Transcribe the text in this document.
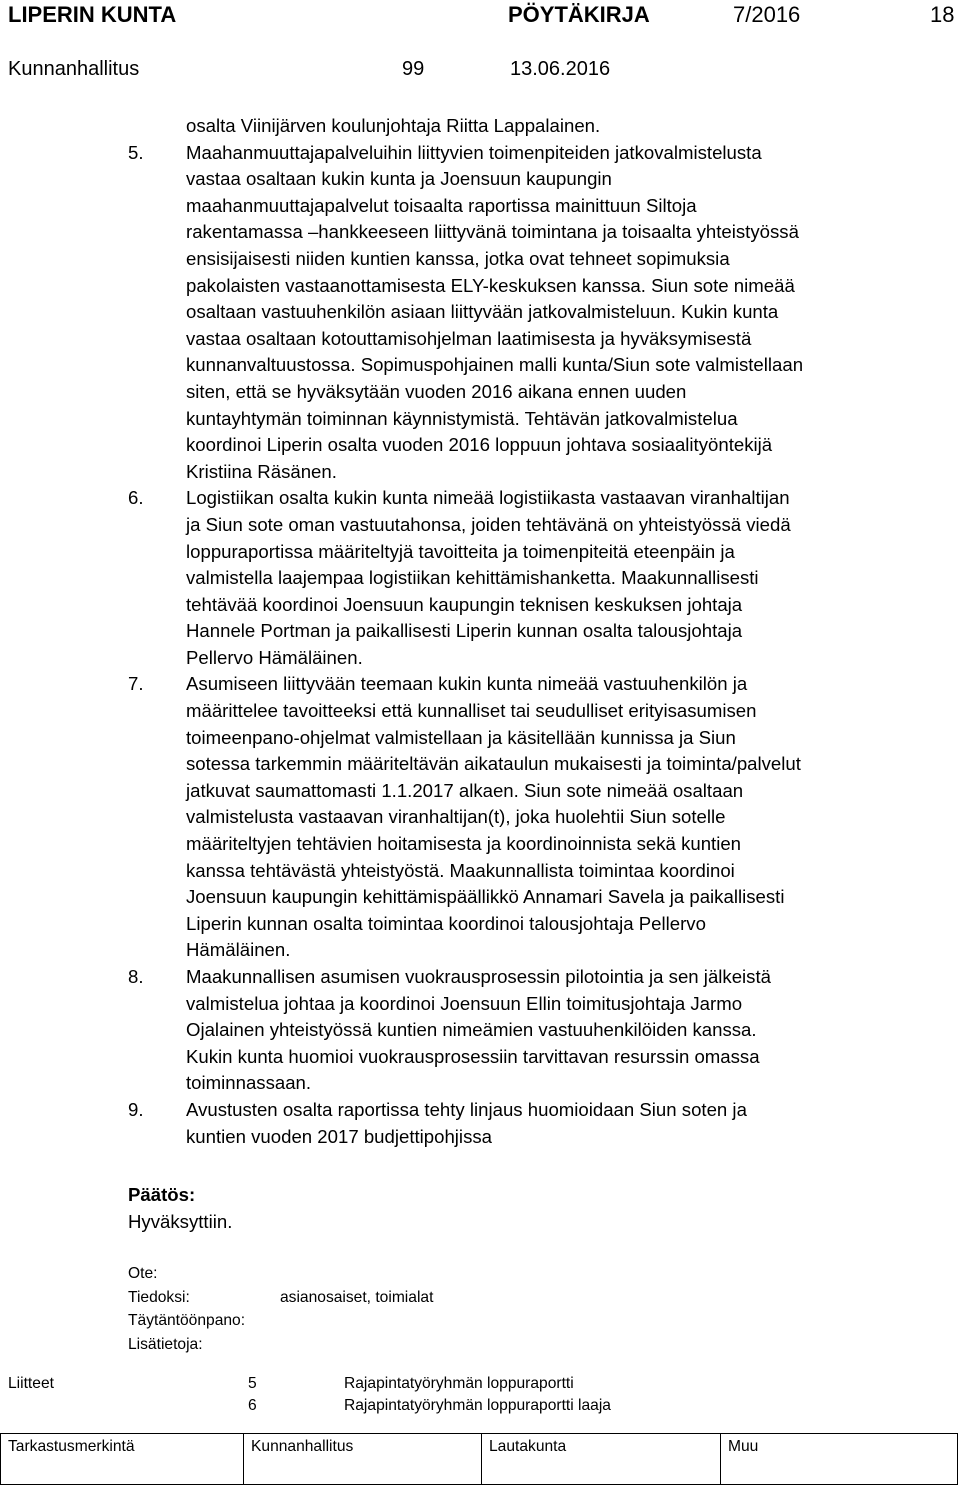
LIPERIN KUNTA	PÖYTÄKIRJA	7/2016	18
Kunnanhallitus	99	13.06.2016
osalta Viinijärven koulunjohtaja Riitta Lappalainen.
5. Maahanmuuttajapalveluihin liittyvien toimenpiteiden jatkovalmistelusta
vastaa osaltaan kukin kunta ja Joensuun kaupungin
maahanmuuttajapalvelut toisaalta raportissa mainittuun Siltoja
rakentamassa –hankkeeseen liittyvänä toimintana ja toisaalta yhteistyössä
ensisijaisesti niiden kuntien kanssa, jotka ovat tehneet sopimuksia
pakolaisten vastaanottamisesta ELY-keskuksen kanssa. Siun sote nimeää
osaltaan vastuuhenkilön asiaan liittyvään jatkovalmisteluun. Kukin kunta
vastaa osaltaan kotouttamisohjelman laatimisesta ja hyväksymisestä
kunnanvaltuustossa. Sopimuspohjainen malli kunta/Siun sote valmistellaan
siten, että se hyväksytään vuoden 2016 aikana ennen uuden
kuntayhtymän toiminnan käynnistymistä. Tehtävän jatkovalmistelua
koordinoi Liperin osalta vuoden 2016 loppuun johtava sosiaalityöntekijä
Kristiina Räsänen.
6. Logistiikan osalta kukin kunta nimeää logistiikasta vastaavan viranhaltijan
ja Siun sote oman vastuutahonsa, joiden tehtävänä on yhteistyössä viedä
loppuraportissa määriteltyjä tavoitteita ja toimenpiteitä eteenpäin ja
valmistella laajempaa logistiikan kehittämishanketta. Maakunnallisesti
tehtävää koordinoi Joensuun kaupungin teknisen keskuksen johtaja
Hannele Portman ja paikallisesti Liperin kunnan osalta talousjohtaja
Pellervo Hämäläinen.
7. Asumiseen liittyvään teemaan kukin kunta nimeää vastuuhenkilön ja
määrittelee tavoitteeksi että kunnalliset tai seudulliset erityisasumisen
toimeenpano-ohjelmat valmistellaan ja käsitellään kunnissa ja Siun
sotessa tarkemmin määriteltävän aikataulun mukaisesti ja toiminta/palvelut
jatkuvat saumattomasti 1.1.2017 alkaen. Siun sote nimeää osaltaan
valmistelusta vastaavan viranhaltijan(t), joka huolehtii Siun sotelle
määriteltyjen tehtävien hoitamisesta ja koordinoinnista sekä kuntien
kanssa tehtävästä yhteistyöstä. Maakunnallista toimintaa koordinoi
Joensuun kaupungin kehittämispäällikkö Annamari Savela ja paikallisesti
Liperin kunnan osalta toimintaa koordinoi talousjohtaja Pellervo
Hämäläinen.
8. Maakunnallisen asumisen vuokrausprosessin pilotointia ja sen jälkeistä
valmistelua johtaa ja koordinoi Joensuun Ellin toimitusjohtaja Jarmo
Ojalainen yhteistyössä kuntien nimeämien vastuuhenkilöiden kanssa.
Kukin kunta huomioi vuokrausprosessiin tarvittavan resurssin omassa
toiminnassaan.
9. Avustusten osalta raportissa tehty linjaus huomioidaan Siun soten ja
kuntien vuoden 2017 budjettipohjissa
Päätös:
Hyväksyttiin.
Ote:
Tiedoksi:	asianosaiset, toimialat
Täytäntöönpano:
Lisätietoja:
Liitteet	5	Rajapintatyöryhmän loppuraportti
6	Rajapintatyöryhmän loppuraportti laaja
Tarkastusmerkintä	Kunnanhallitus	Lautakunta	Muu
